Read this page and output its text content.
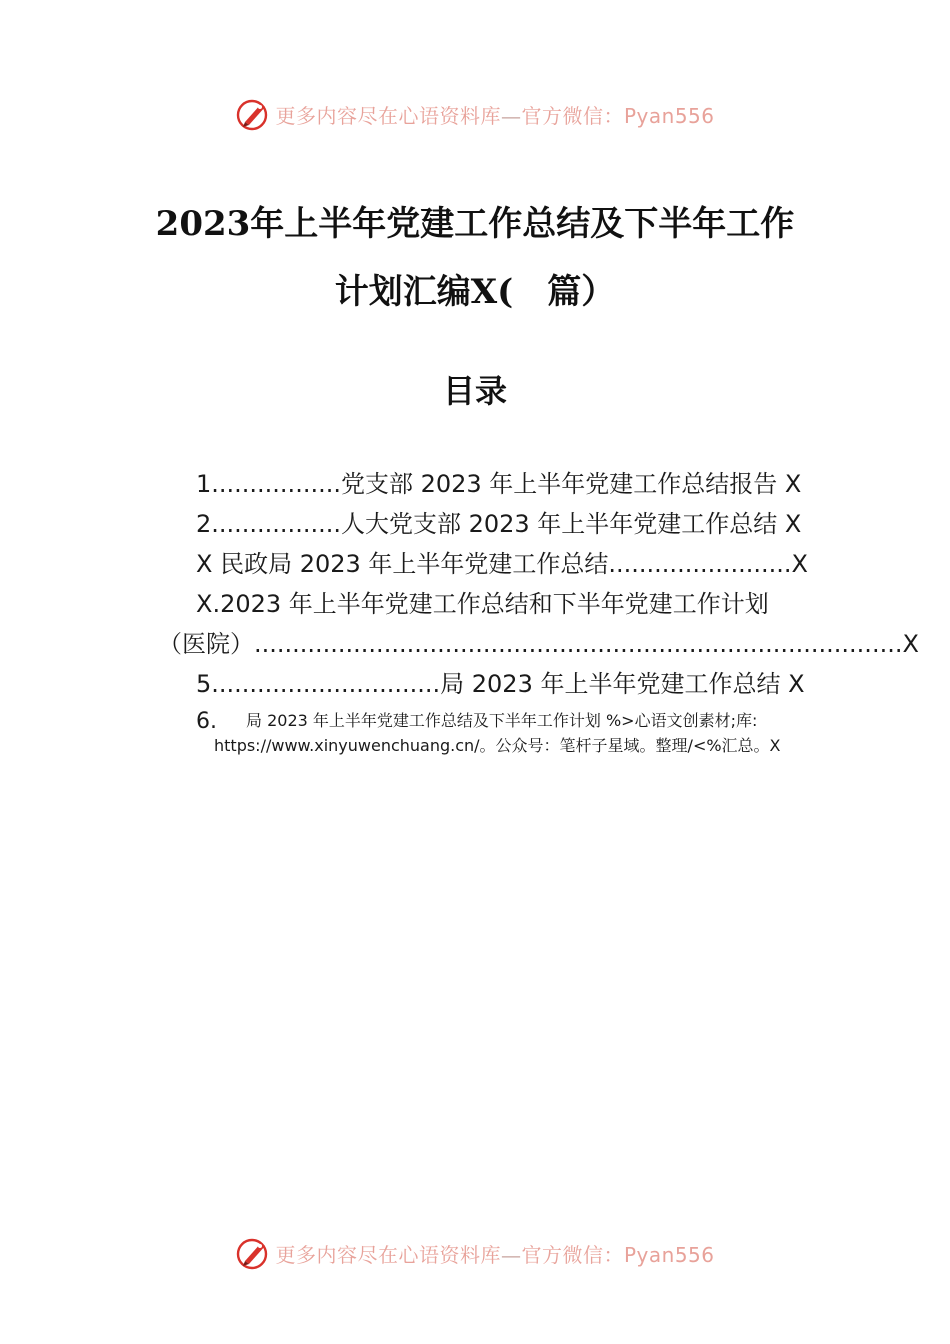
更多内容尽在心语资料库—官方微信：Pyan556
2023年上半年党建工作总结及下半年工作
计划汇编X(　篇）
目录
1.................党支部 2023 年上半年党建工作总结报告 X
2.................人大党支部 2023 年上半年党建工作总结 X
X 民政局 2023 年上半年党建工作总结........................X
X.2023 年上半年党建工作总结和下半年党建工作计划
（医院）.....................................................................................X
5..............................局 2023 年上半年党建工作总结 X
6. 局 2023 年上半年党建工作总结及下半年工作计划 %>心语文创素材;库:
https://www.xinyuwenchuang.cn/。公众号：笔杆子星域。整理/<%汇总。X
更多内容尽在心语资料库—官方微信：Pyan556
